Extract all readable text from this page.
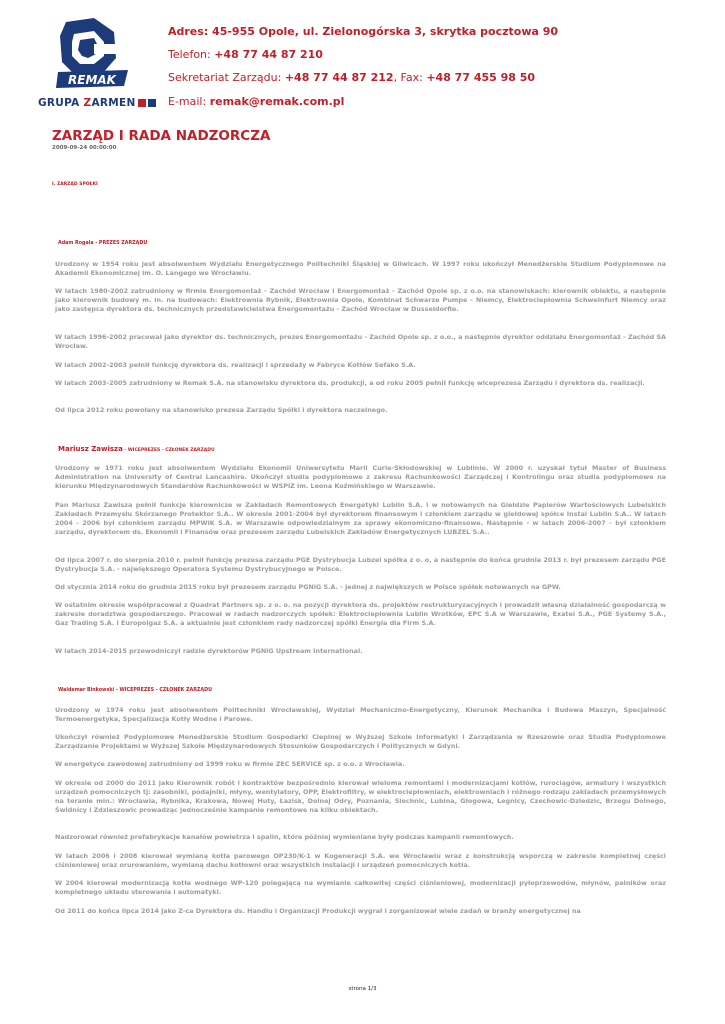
REMAK
GRUPA ZARMEN
Adres: 45-955 Opole, ul. Zielonogórska 3, skrytka pocztowa 90
Telefon: +48 77 44 87 210
Sekretariat Zarządu: +48 77 44 87 212, Fax: +48 77 455 98 50
E-mail: remak@remak.com.pl
ZARZĄD I RADA NADZORCZA
2009-09-24 00:00:00
I. ZARZĄD SPÓŁKI
Adam Rogala - PREZES ZARZĄDU

Urodzony w 1954 roku jest absolwentem Wydziału Energetycznego Politechniki Śląskiej w Gliwicach. W 1997 roku ukończył Menedżerskie Studium Podyplomowe na Akademii Ekonomicznej im. O. Langego we Wrocławiu.

W latach 1980-2002 zatrudniony w firmie Energomontaż - Zachód Wrocław i Energomontaż - Zachód Opole sp. z o.o. na stanowiskach: kierownik obiektu, a następnie jako kierownik budowy m. in. na budowach: Elektrownia Rybnik, Elektrownia Opole, Kombinat Schwarze Pumpe - Niemcy, Elektrociepłownia Schweinfurt Niemcy oraz jako zastępca dyrektora ds. technicznych przedstawicielstwa Energomontażu - Zachód Wrocław w Dusseldorfie.

W latach 1996-2002 pracował jako dyrektor ds. technicznych, prezes Energomontażu - Zachód Opole sp. z o.o., a następnie dyrektor oddziału Energomontaż - Zachód SA Wrocław.

W latach 2002-2003 pełnił funkcję dyrektora ds. realizacji i sprzedaży w Fabryce Kotłów Sefako S.A.

W latach 2003-2005 zatrudniony w Remak S.A. na stanowisku dyrektora ds. produkcji, a od roku 2005 pełnił funkcję wiceprezesa Zarządu i dyrektora ds. realizacji.

Od lipca 2012 roku powołany na stanowisko prezesa Zarządu Spółki i dyrektora naczelnego.

Mariusz Zawisza - WICEPREZES - CZŁONEK ZARZĄDU

Urodzony w 1971 roku jest absolwentem Wydziału Ekonomii Uniwersytetu Marii Curie-Skłodowskiej w Lublinie. W 2000 r. uzyskał tytuł Master of Business Administration na University of Central Lancashire. Ukończył studia podyplomowe z zakresu Rachunkowości Zarządczej i Kontrolingu oraz studia podyplomowe na kierunku Międzynarodowych Standardów Rachunkowości w WSPiZ im. Leona Koźmińskiego w Warszawie.

Pan Mariusz Zawisza pełnił funkcje kierownicze w Zakładach Remontowych Energetyki Lublin S.A. i w notowanych na Giełdzie Papierów Wartościowych Lubelskich Zakładach Przemysłu Skórzanego Protektor S.A.. W okresie 2001-2004 był dyrektorem finansowym i członkiem zarządu w giełdowej spółce Instal Lublin S.A.. W latach 2004 - 2006 był członkiem zarządu MPWiK S.A. w Warszawie odpowiedzialnym za sprawy ekonomiczno-finansowe. Następnie - w latach 2006-2007 - był członkiem zarządu, dyrektorem ds. Ekonomii i Finansów oraz prezesem zarządu Lubelskich Zakładów Energetycznych LUBZEL S.A..

Od lipca 2007 r. do sierpnia 2010 r. pełnił funkcję prezesa zarządu PGE Dystrybucja Lubzel spółka z o. o, a następnie do końca grudnia 2013 r. był prezesem zarządu PGE Dystrybucja S.A. - największego Operatora Systemu Dystrybucyjnego w Polsce.

Od stycznia 2014 roku do grudnia 2015 roku był prezesem zarządu PGNiG S.A. - jednej z największych w Polsce spółek notowanych na GPW.

W ostatnim okresie współpracował z Quadrat Partners sp. z o. o. na pozycji dyrektora ds. projektów restrukturyzacyjnych i prowadził własną działalność gospodarczą w zakresie doradztwa gospodarczego. Pracował w radach nadzorczych spółek: Elektrociepłownia Lublin Wrotków, EPC S.A w Warszawie, Exatel S.A., PGE Systemy S.A., Gaz Trading S.A. i Europolgaz S.A. a aktualnie jest członkiem rady nadzorczej spółki Energia dla Firm S.A.

W latach 2014-2015 przewodniczył radzie dyrektorów PGNiG Upstream International.

Waldemar Binkowski - WICEPREZES - CZŁONEK ZARZĄDU

Urodzony w 1974 roku jest absolwentem Politechniki Wrocławskiej, Wydział Mechaniczno-Energetyczny, Kierunek Mechanika i Budowa Maszyn, Specjalność Termoenergetyka, Specjalizacja Kotły Wodne i Parowe.

Ukończył również Podyplomowe Menedżerskie Studium Gospodarki Cieplnej w Wyższej Szkole Informatyki i Zarządzania w Rzeszowie oraz Studia Podyplomowe Zarządzanie Projektami w Wyższej Szkole Międzynarodowych Stosunków Gospodarczych i Politycznych w Gdyni.

W energetyce zawodowej zatrudniony od 1999 roku w firmie ZEC SERVICE sp. z o.o. z Wrocławia.

W okresie od 2000 do 2011 jako Kierownik robót i kontraktów bezpośrednio kierował wieloma remontami i modernizacjami kotłów, rurociągów, armatury i wszystkich urządzeń pomocniczych tj: zasobniki, podajniki, młyny, wentylatory, OPP, Elektrofiltry, w elektrociepłowniach, elektrowniach i różnego rodzaju zakładach przemysłowych na teranie min.: Wrocławia, Rybnika, Krakowa, Nowej Huty, Łazisk, Dolnej Odry, Poznania, Siechnic, Lubina, Głogowa, Legnicy, Czechowic-Dziedzic, Brzegu Dolnego, Świdnicy i Zdzieszowic prowadząc jednocześnie kampanie remontowe na kilku obiektach.

Nadzorował również prefabrykacje kanałów powietrza i spalin, które później wymieniane były podczas kampanii remontowych.

W latach 2006 i 2008 kierował wymianą kotła parowego OP230/K-1 w Kogeneracji S.A. we Wrocławiu wraz z konstrukcją wsporczą w zakresie kompletnej części ciśnieniowej oraz orurowaniem, wymianą dachu kotłowni oraz wszystkich instalacji i urządzeń pomocniczych kotła.

W 2004 kierował modernizacją kotła wodnego WP-120 polegającą na wymianie całkowitej części ciśnieniowej, modernizacji pyłoprzewodów, młynów, palników oraz kompletnego układu sterowania i automatyki.

Od 2011 do końca lipca 2014 jako Z-ca Dyrektora ds. Handlu i Organizacji Produkcji wygrał i zorganizował wiele zadań w branży energetycznej na

strona 1/3
